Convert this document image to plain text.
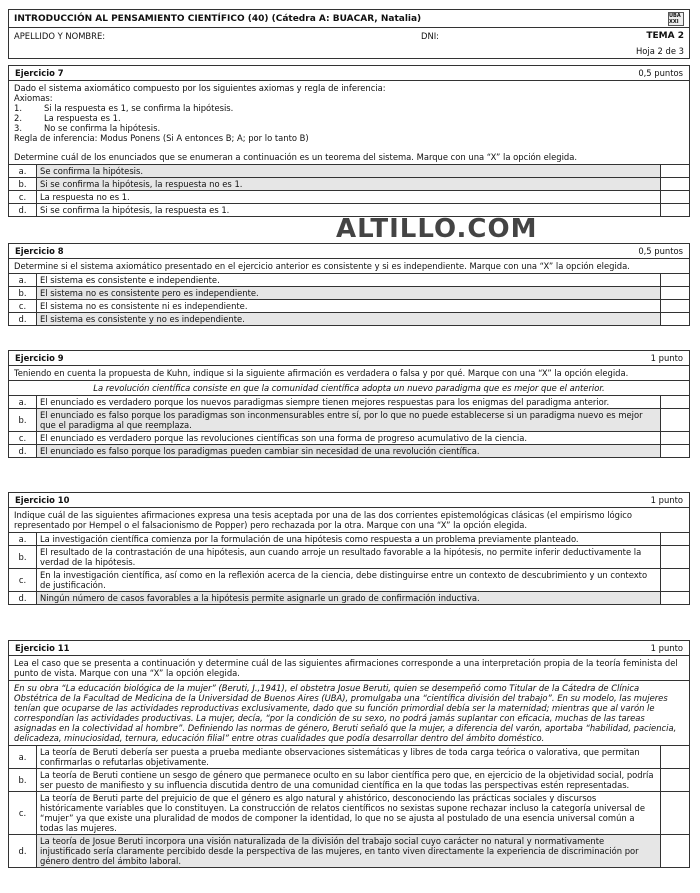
INTRODUCCIÓN AL PENSAMIENTO CIENTÍFICO (40) (Cátedra A: BUACAR, Natalia)	UBA XXI
APELLIDO Y NOMBRE:	DNI:	TEMA 2
Hoja 2 de 3
Ejercicio 7	0,5 puntos

Dado el sistema axiomático compuesto por los siguientes axiomas y regla de inferencia:

Axiomas:

1.	Si la respuesta es 1, se confirma la hipótesis.

2.	La respuesta es 1.

3.	No se confirma la hipótesis.

Regla de inferencia: Modus Ponens (Si A entonces B; A; por lo tanto B)

Determine cuál de los enunciados que se enumeran a continuación es un teorema del sistema. Marque con una “X” la opción elegida.

a.	Se confirma la hipótesis.
b.	Si se confirma la hipótesis, la respuesta no es 1.
c.	La respuesta no es 1.
d.	Si se confirma la hipótesis, la respuesta es 1.
ALTILLO.COM
Ejercicio 8	0,5 puntos
Determine si el sistema axiomático presentado en el ejercicio anterior es consistente y si es independiente. Marque con una “X” la opción elegida.
a.	El sistema es consistente e independiente.
b.	El sistema no es consistente pero es independiente.
c.	El sistema no es consistente ni es independiente.
d.	El sistema es consistente y no es independiente.
Ejercicio 9	1 punto
Teniendo en cuenta la propuesta de Kuhn, indique si la siguiente afirmación es verdadera o falsa y por qué. Marque con una “X” la opción elegida.
La revolución científica consiste en que la comunidad científica adopta un nuevo paradigma que es mejor que el anterior.
a.	El enunciado es verdadero porque los nuevos paradigmas siempre tienen mejores respuestas para los enigmas del paradigma anterior.
b.	El enunciado es falso porque los paradigmas son inconmensurables entre sí, por lo que no puede establecerse si un paradigma nuevo es mejor que el paradigma al que reemplaza.
c.	El enunciado es verdadero porque las revoluciones científicas son una forma de progreso acumulativo de la ciencia.
d.	El enunciado es falso porque los paradigmas pueden cambiar sin necesidad de una revolución científica.
Ejercicio 10	1 punto
Indique cuál de las siguientes afirmaciones expresa una tesis aceptada por una de las dos corrientes epistemológicas clásicas (el empirismo lógico representado por Hempel o el falsacionismo de Popper) pero rechazada por la otra. Marque con una “X” la opción elegida.
a.	La investigación científica comienza por la formulación de una hipótesis como respuesta a un problema previamente planteado.
b.	El resultado de la contrastación de una hipótesis, aun cuando arroje un resultado favorable a la hipótesis, no permite inferir deductivamente la verdad de la hipótesis.
c.	En la investigación científica, así como en la reflexión acerca de la ciencia, debe distinguirse entre un contexto de descubrimiento y un contexto de justificación.
d.	Ningún número de casos favorables a la hipótesis permite asignarle un grado de confirmación inductiva.
Ejercicio 11	1 punto
Lea el caso que se presenta a continuación y determine cuál de las siguientes afirmaciones corresponde a una interpretación propia de la teoría feminista del punto de vista. Marque con una “X” la opción elegida.
En su obra “La educación biológica de la mujer” (Beruti, J.,1941), el obstetra Josue Beruti, quien se desempeñó como Titular de la Cátedra de Clínica Obstétrica de la Facultad de Medicina de la Universidad de Buenos Aires (UBA), promulgaba una “científica división del trabajo”. En su modelo, las mujeres tenían que ocuparse de las actividades reproductivas exclusivamente, dado que su función primordial debía ser la maternidad; mientras que al varón le correspondían las actividades productivas. La mujer, decía, “por la condición de su sexo, no podrá jamás suplantar con eficacia, muchas de las tareas asignadas en la colectividad al hombre”. Definiendo las normas de género, Beruti señaló que la mujer, a diferencia del varón, aportaba “habilidad, paciencia, delicadeza, minuciosidad, ternura, educación filial” entre otras cualidades que podía desarrollar dentro del ámbito doméstico.
a.	La teoría de Beruti debería ser puesta a prueba mediante observaciones sistemáticas y libres de toda carga teórica o valorativa, que permitan confirmarlas o refutarlas objetivamente.
b.	La teoría de Beruti contiene un sesgo de género que permanece oculto en su labor científica pero que, en ejercicio de la objetividad social, podría ser puesto de manifiesto y su influencia discutida dentro de una comunidad científica en la que todas las perspectivas estén representadas.
c.
La teoría de Beruti parte del prejuicio de que el género es algo natural y ahistórico, desconociendo las prácticas sociales y discursos históricamente variables que lo constituyen. La construcción de relatos científicos no sexistas supone rechazar incluso la categoría universal de “mujer” ya que existe una pluralidad de modos de componer la identidad, lo que no se ajusta al postulado de una esencia universal común a todas las mujeres.
d.
La teoría de Josue Beruti incorpora una visión naturalizada de la división del trabajo social cuyo carácter no natural y normativamente injustificado sería claramente percibido desde la perspectiva de las mujeres, en tanto viven directamente la experiencia de discriminación por género dentro del ámbito laboral.
